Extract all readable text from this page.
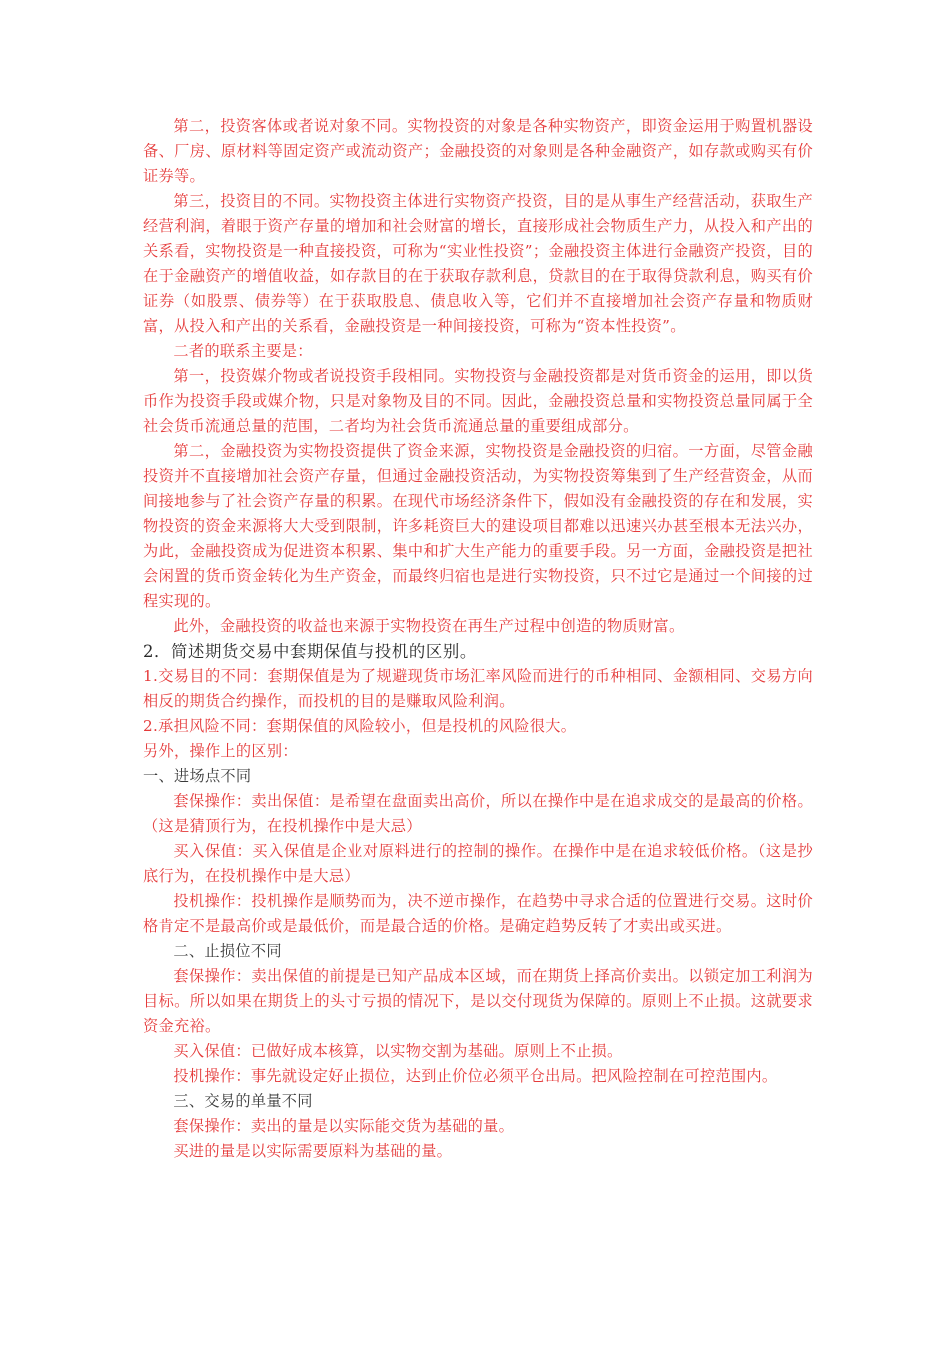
第二，投资客体或者说对象不同。实物投资的对象是各种实物资产，即资金运用于购置机器设备、厂房、原材料等固定资产或流动资产；金融投资的对象则是各种金融资产，如存款或购买有价证券等。

第三，投资目的不同。实物投资主体进行实物资产投资，目的是从事生产经营活动，获取生产经营利润，着眼于资产存量的增加和社会财富的增长，直接形成社会物质生产力，从投入和产出的关系看，实物投资是一种直接投资，可称为“实业性投资”；金融投资主体进行金融资产投资，目的在于金融资产的增值收益，如存款目的在于获取存款利息，贷款目的在于取得贷款利息，购买有价证券（如股票、债券等）在于获取股息、债息收入等，它们并不直接增加社会资产存量和物质财富，从投入和产出的关系看，金融投资是一种间接投资，可称为“资本性投资”。

二者的联系主要是：

第一，投资媒介物或者说投资手段相同。实物投资与金融投资都是对货币资金的运用，即以货币作为投资手段或媒介物，只是对象物及目的不同。因此，金融投资总量和实物投资总量同属于全社会货币流通总量的范围，二者均为社会货币流通总量的重要组成部分。

第二，金融投资为实物投资提供了资金来源，实物投资是金融投资的归宿。一方面，尽管金融投资并不直接增加社会资产存量，但通过金融投资活动，为实物投资筹集到了生产经营资金，从而间接地参与了社会资产存量的积累。在现代市场经济条件下，假如没有金融投资的存在和发展，实物投资的资金来源将大大受到限制，许多耗资巨大的建设项目都难以迅速兴办甚至根本无法兴办，为此，金融投资成为促进资本积累、集中和扩大生产能力的重要手段。另一方面，金融投资是把社会闲置的货币资金转化为生产资金，而最终归宿也是进行实物投资，只不过它是通过一个间接的过程实现的。

此外，金融投资的收益也来源于实物投资在再生产过程中创造的物质财富。

2．简述期货交易中套期保值与投机的区别。

1.交易目的不同：套期保值是为了规避现货市场汇率风险而进行的币种相同、金额相同、交易方向相反的期货合约操作，而投机的目的是赚取风险利润。

2.承担风险不同：套期保值的风险较小，但是投机的风险很大。

另外，操作上的区别：

一、进场点不同

套保操作：卖出保值：是希望在盘面卖出高价，所以在操作中是在追求成交的是最高的价格。（这是猜顶行为，在投机操作中是大忌）

买入保值：买入保值是企业对原料进行的控制的操作。在操作中是在追求较低价格。（这是抄底行为，在投机操作中是大忌）

投机操作：投机操作是顺势而为，决不逆市操作，在趋势中寻求合适的位置进行交易。这时价格肯定不是最高价或是最低价，而是最合适的价格。是确定趋势反转了才卖出或买进。

二、止损位不同

套保操作：卖出保值的前提是已知产品成本区域，而在期货上择高价卖出。以锁定加工利润为目标。所以如果在期货上的头寸亏损的情况下，是以交付现货为保障的。原则上不止损。这就要求资金充裕。

买入保值：已做好成本核算，以实物交割为基础。原则上不止损。

投机操作：事先就设定好止损位，达到止价位必须平仓出局。把风险控制在可控范围内。

三、交易的单量不同

套保操作：卖出的量是以实际能交货为基础的量。

买进的量是以实际需要原料为基础的量。
